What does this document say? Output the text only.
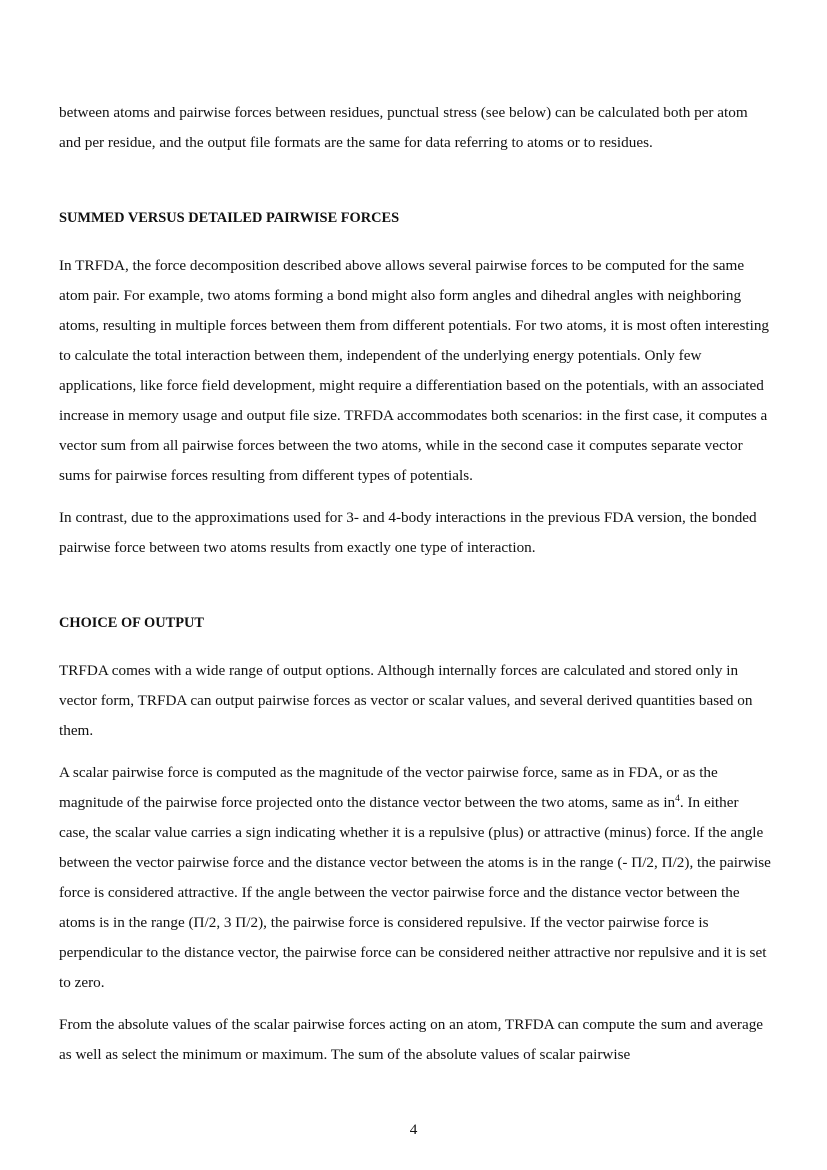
between atoms and pairwise forces between residues, punctual stress (see below) can be calculated both per atom and per residue, and the output file formats are the same for data referring to atoms or to residues.

SUMMED VERSUS DETAILED PAIRWISE FORCES

In TRFDA, the force decomposition described above allows several pairwise forces to be computed for the same atom pair. For example, two atoms forming a bond might also form angles and dihedral angles with neighboring atoms, resulting in multiple forces between them from different potentials. For two atoms, it is most often interesting to calculate the total interaction between them, independent of the underlying energy potentials. Only few applications, like force field development, might require a differentiation based on the potentials, with an associated increase in memory usage and output file size. TRFDA accommodates both scenarios: in the first case, it computes a vector sum from all pairwise forces between the two atoms, while in the second case it computes separate vector sums for pairwise forces resulting from different types of potentials.

In contrast, due to the approximations used for 3- and 4-body interactions in the previous FDA version, the bonded pairwise force between two atoms results from exactly one type of interaction.

CHOICE OF OUTPUT

TRFDA comes with a wide range of output options. Although internally forces are calculated and stored only in vector form, TRFDA can output pairwise forces as vector or scalar values, and several derived quantities based on them.

A scalar pairwise force is computed as the magnitude of the vector pairwise force, same as in FDA, or as the magnitude of the pairwise force projected onto the distance vector between the two atoms, same as in$^4$. In either case, the scalar value carries a sign indicating whether it is a repulsive (plus) or attractive (minus) force. If the angle between the vector pairwise force and the distance vector between the atoms is in the range (- Π/2, Π/2), the pairwise force is considered attractive. If the angle between the vector pairwise force and the distance vector between the atoms is in the range (Π/2, 3 Π/2), the pairwise force is considered repulsive. If the vector pairwise force is perpendicular to the distance vector, the pairwise force can be considered neither attractive nor repulsive and it is set to zero.

From the absolute values of the scalar pairwise forces acting on an atom, TRFDA can compute the sum and average as well as select the minimum or maximum. The sum of the absolute values of scalar pairwise

4
